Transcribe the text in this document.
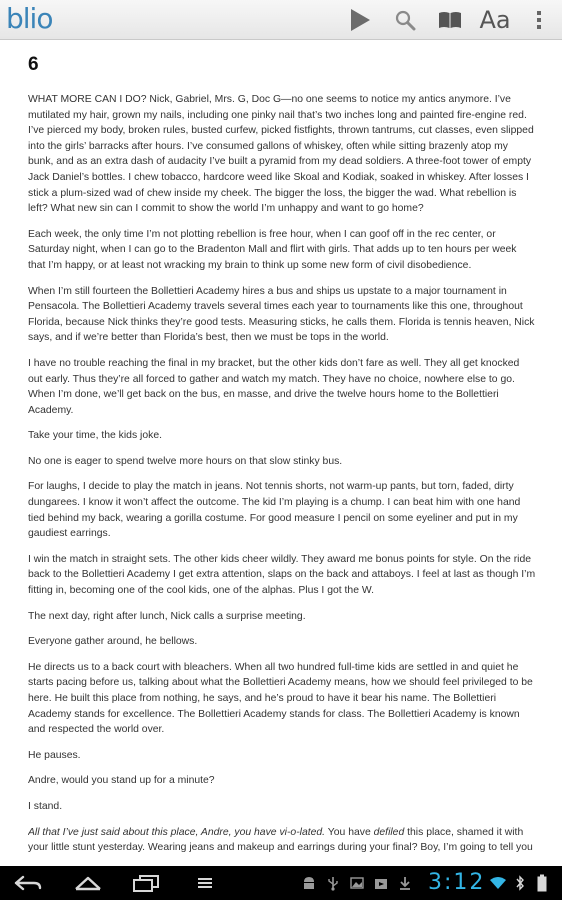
blio	Aa
6

WHAT MORE CAN I DO? Nick, Gabriel, Mrs. G, Doc G—no one seems to notice my antics anymore. I’ve mutilated my hair, grown my nails, including one pinky nail that’s two inches long and painted fire-engine red. I’ve pierced my body, broken rules, busted curfew, picked fistfights, thrown tantrums, cut classes, even slipped into the girls’ barracks after hours. I’ve consumed gallons of whiskey, often while sitting brazenly atop my bunk, and as an extra dash of audacity I’ve built a pyramid from my dead soldiers. A three-foot tower of empty Jack Daniel’s bottles. I chew tobacco, hardcore weed like Skoal and Kodiak, soaked in whiskey. After losses I stick a plum-sized wad of chew inside my cheek. The bigger the loss, the bigger the wad. What rebellion is left? What new sin can I commit to show the world I’m unhappy and want to go home?

Each week, the only time I’m not plotting rebellion is free hour, when I can goof off in the rec center, or Saturday night, when I can go to the Bradenton Mall and flirt with girls. That adds up to ten hours per week that I’m happy, or at least not wracking my brain to think up some new form of civil disobedience.

When I’m still fourteen the Bollettieri Academy hires a bus and ships us upstate to a major tournament in Pensacola. The Bollettieri Academy travels several times each year to tournaments like this one, throughout Florida, because Nick thinks they’re good tests. Measuring sticks, he calls them. Florida is tennis heaven, Nick says, and if we’re better than Florida’s best, then we must be tops in the world.

I have no trouble reaching the final in my bracket, but the other kids don’t fare as well. They all get knocked out early. Thus they’re all forced to gather and watch my match. They have no choice, nowhere else to go. When I’m done, we’ll get back on the bus, en masse, and drive the twelve hours home to the Bollettieri Academy.

Take your time, the kids joke.

No one is eager to spend twelve more hours on that slow stinky bus.

For laughs, I decide to play the match in jeans. Not tennis shorts, not warm-up pants, but torn, faded, dirty dungarees. I know it won’t affect the outcome. The kid I’m playing is a chump. I can beat him with one hand tied behind my back, wearing a gorilla costume. For good measure I pencil on some eyeliner and put in my gaudiest earrings.

I win the match in straight sets. The other kids cheer wildly. They award me bonus points for style. On the ride back to the Bollettieri Academy I get extra attention, slaps on the back and attaboys. I feel at last as though I’m fitting in, becoming one of the cool kids, one of the alphas. Plus I got the W.

The next day, right after lunch, Nick calls a surprise meeting.

Everyone gather around, he bellows.

He directs us to a back court with bleachers. When all two hundred full-time kids are settled in and quiet he starts pacing before us, talking about what the Bollettieri Academy means, how we should feel privileged to be here. He built this place from nothing, he says, and he’s proud to have it bear his name. The Bollettieri Academy stands for excellence. The Bollettieri Academy stands for class. The Bollettieri Academy is known and respected the world over.

He pauses.

Andre, would you stand up for a minute?

I stand.

All that I’ve just said about this place, Andre, you have vi-o-lated. You have defiled this place, shamed it with your little stunt yesterday. Wearing jeans and makeup and earrings during your final? Boy, I’m going to tell you

3:12
